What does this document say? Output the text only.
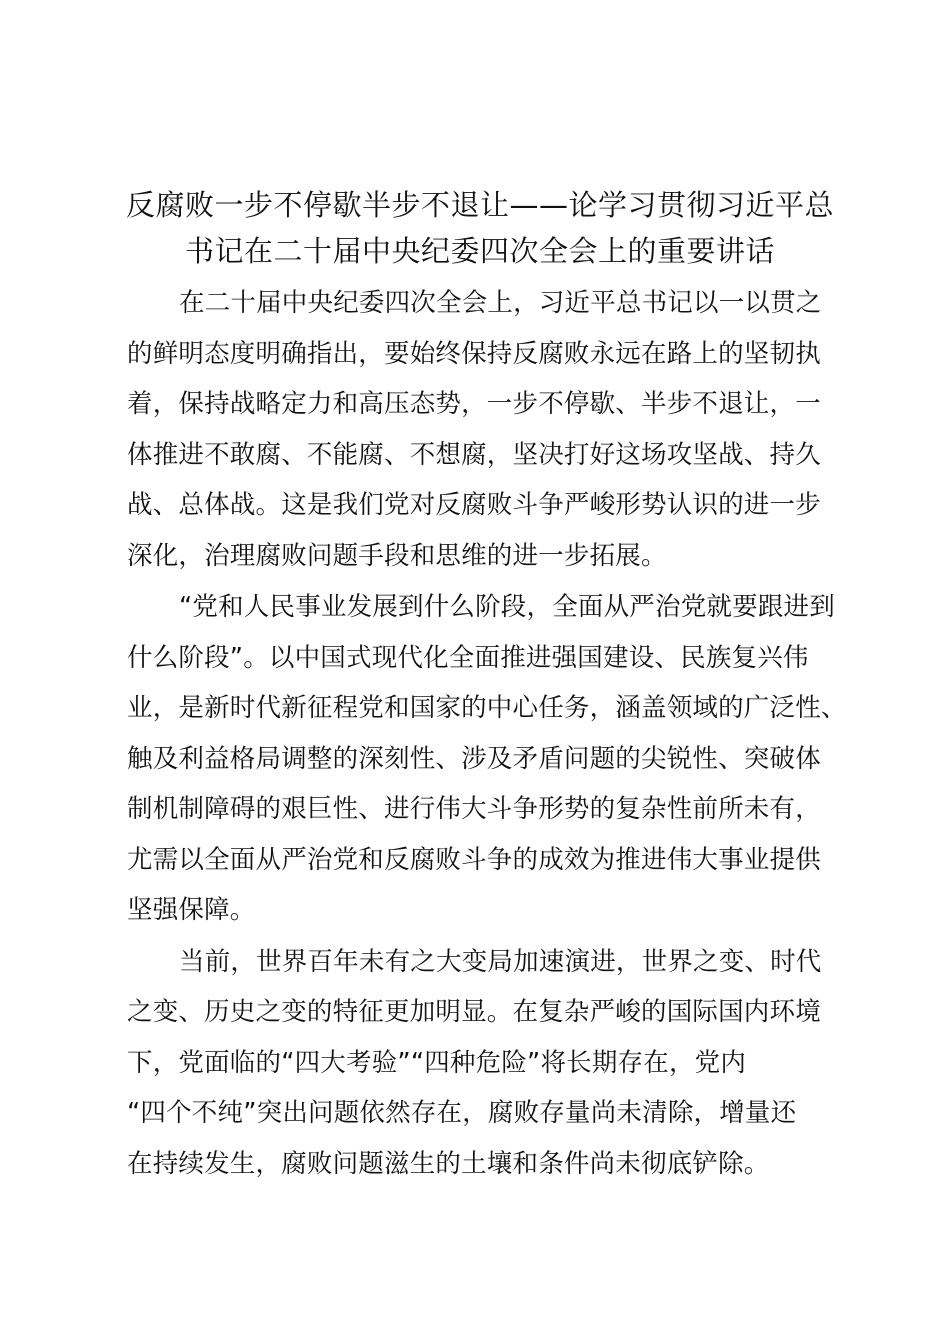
反腐败一步不停歇半步不退让——论学习贯彻习近平总
书记在二十届中央纪委四次全会上的重要讲话
在二十届中央纪委四次全会上，习近平总书记以一以贯之
的鲜明态度明确指出，要始终保持反腐败永远在路上的坚韧执
着，保持战略定力和高压态势，一步不停歇、半步不退让，一
体推进不敢腐、不能腐、不想腐，坚决打好这场攻坚战、持久
战、总体战。这是我们党对反腐败斗争严峻形势认识的进一步
深化，治理腐败问题手段和思维的进一步拓展。
“党和人民事业发展到什么阶段，全面从严治党就要跟进到
什么阶段”。以中国式现代化全面推进强国建设、民族复兴伟
业，是新时代新征程党和国家的中心任务，涵盖领域的广泛性、
触及利益格局调整的深刻性、涉及矛盾问题的尖锐性、突破体
制机制障碍的艰巨性、进行伟大斗争形势的复杂性前所未有，
尤需以全面从严治党和反腐败斗争的成效为推进伟大事业提供
坚强保障。
当前，世界百年未有之大变局加速演进，世界之变、时代
之变、历史之变的特征更加明显。在复杂严峻的国际国内环境
下，党面临的“四大考验”“四种危险”将长期存在，党内
“四个不纯”突出问题依然存在，腐败存量尚未清除，增量还
在持续发生，腐败问题滋生的土壤和条件尚未彻底铲除。
